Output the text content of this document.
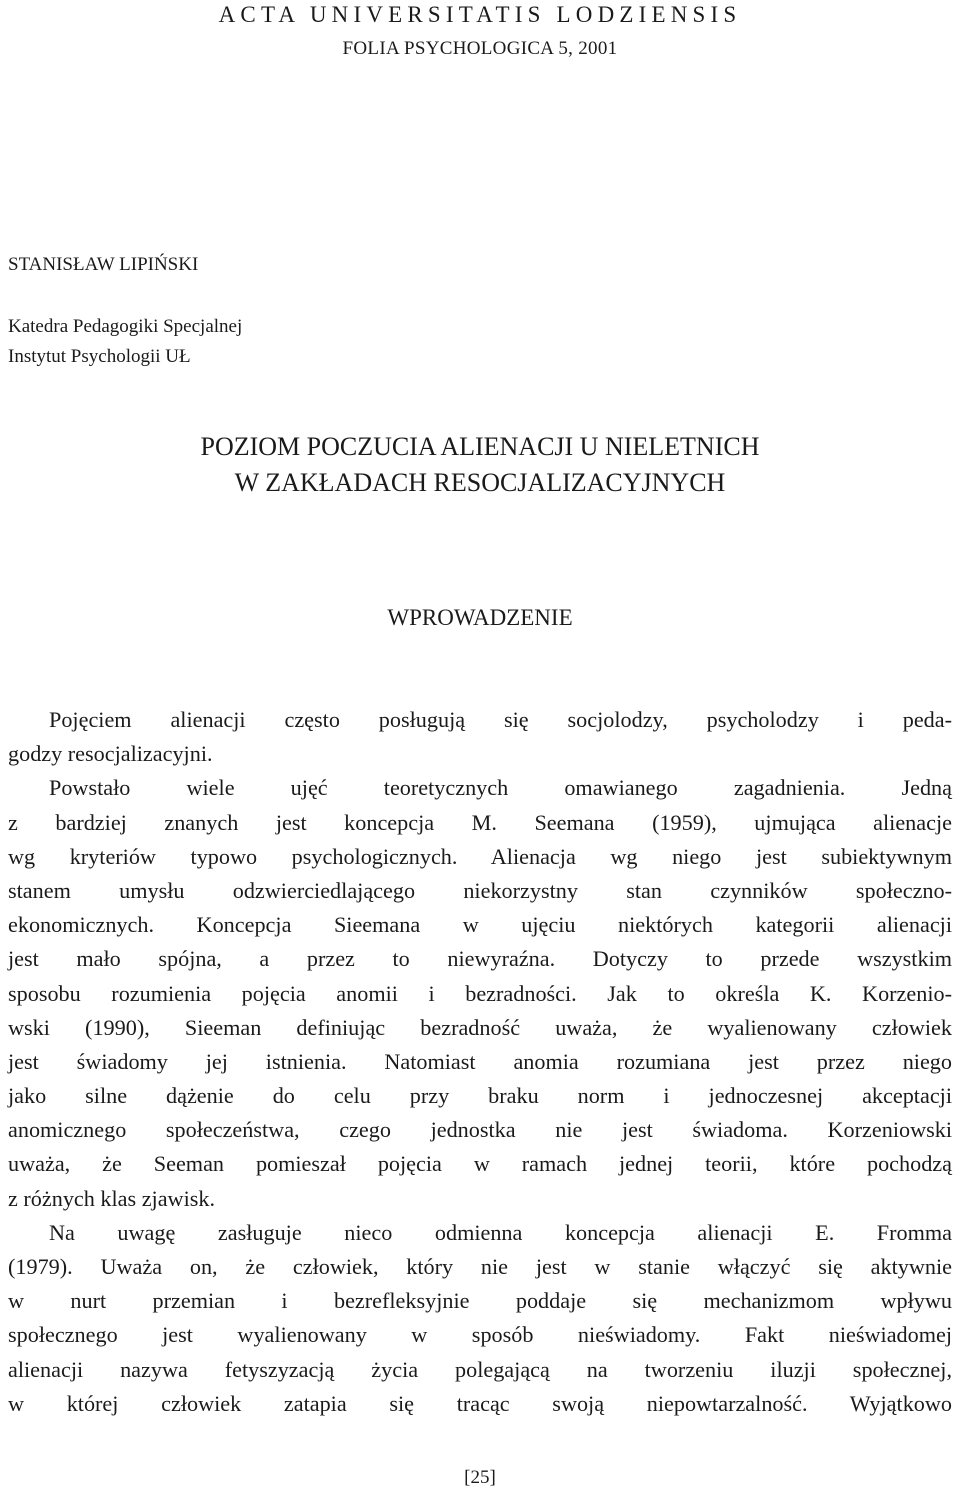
ACTA UNIVERSITATIS LODZIENSIS
FOLIA PSYCHOLOGICA 5, 2001
STANISŁAW LIPIŃSKI
Katedra Pedagogiki Specjalnej
Instytut Psychologii UŁ
POZIOM POCZUCIA ALIENACJI U NIELETNICH
W ZAKŁADACH RESOCJALIZACYJNYCH
WPROWADZENIE
Pojęciem alienacji często posługują się socjolodzy, psycholodzy i peda-
godzy resocjalizacyjni.
Powstało wiele ujęć teoretycznych omawianego zagadnienia. Jedną
z bardziej znanych jest koncepcja M. Seemana (1959), ujmująca alienacje
wg kryteriów typowo psychologicznych. Alienacja wg niego jest subiektywnym
stanem umysłu odzwierciedlającego niekorzystny stan czynników społeczno-
ekonomicznych. Koncepcja Sieemana w ujęciu niektórych kategorii alienacji
jest mało spójna, a przez to niewyraźna. Dotyczy to przede wszystkim
sposobu rozumienia pojęcia anomii i bezradności. Jak to określa K. Korzenio-
wski (1990), Sieeman definiując bezradność uważa, że wyalienowany człowiek
jest świadomy jej istnienia. Natomiast anomia rozumiana jest przez niego
jako silne dążenie do celu przy braku norm i jednoczesnej akceptacji
anomicznego społeczeństwa, czego jednostka nie jest świadoma. Korzeniowski
uważa, że Seeman pomieszał pojęcia w ramach jednej teorii, które pochodzą
z różnych klas zjawisk.
Na uwagę zasługuje nieco odmienna koncepcja alienacji E. Fromma
(1979). Uważa on, że człowiek, który nie jest w stanie włączyć się aktywnie
w nurt przemian i bezrefleksyjnie poddaje się mechanizmom wpływu
społecznego jest wyalienowany w sposób nieświadomy. Fakt nieświadomej
alienacji nazywa fetyszyzacją życia polegającą na tworzeniu iluzji społecznej,
w której człowiek zatapia się tracąc swoją niepowtarzalność. Wyjątkowo
[25]
